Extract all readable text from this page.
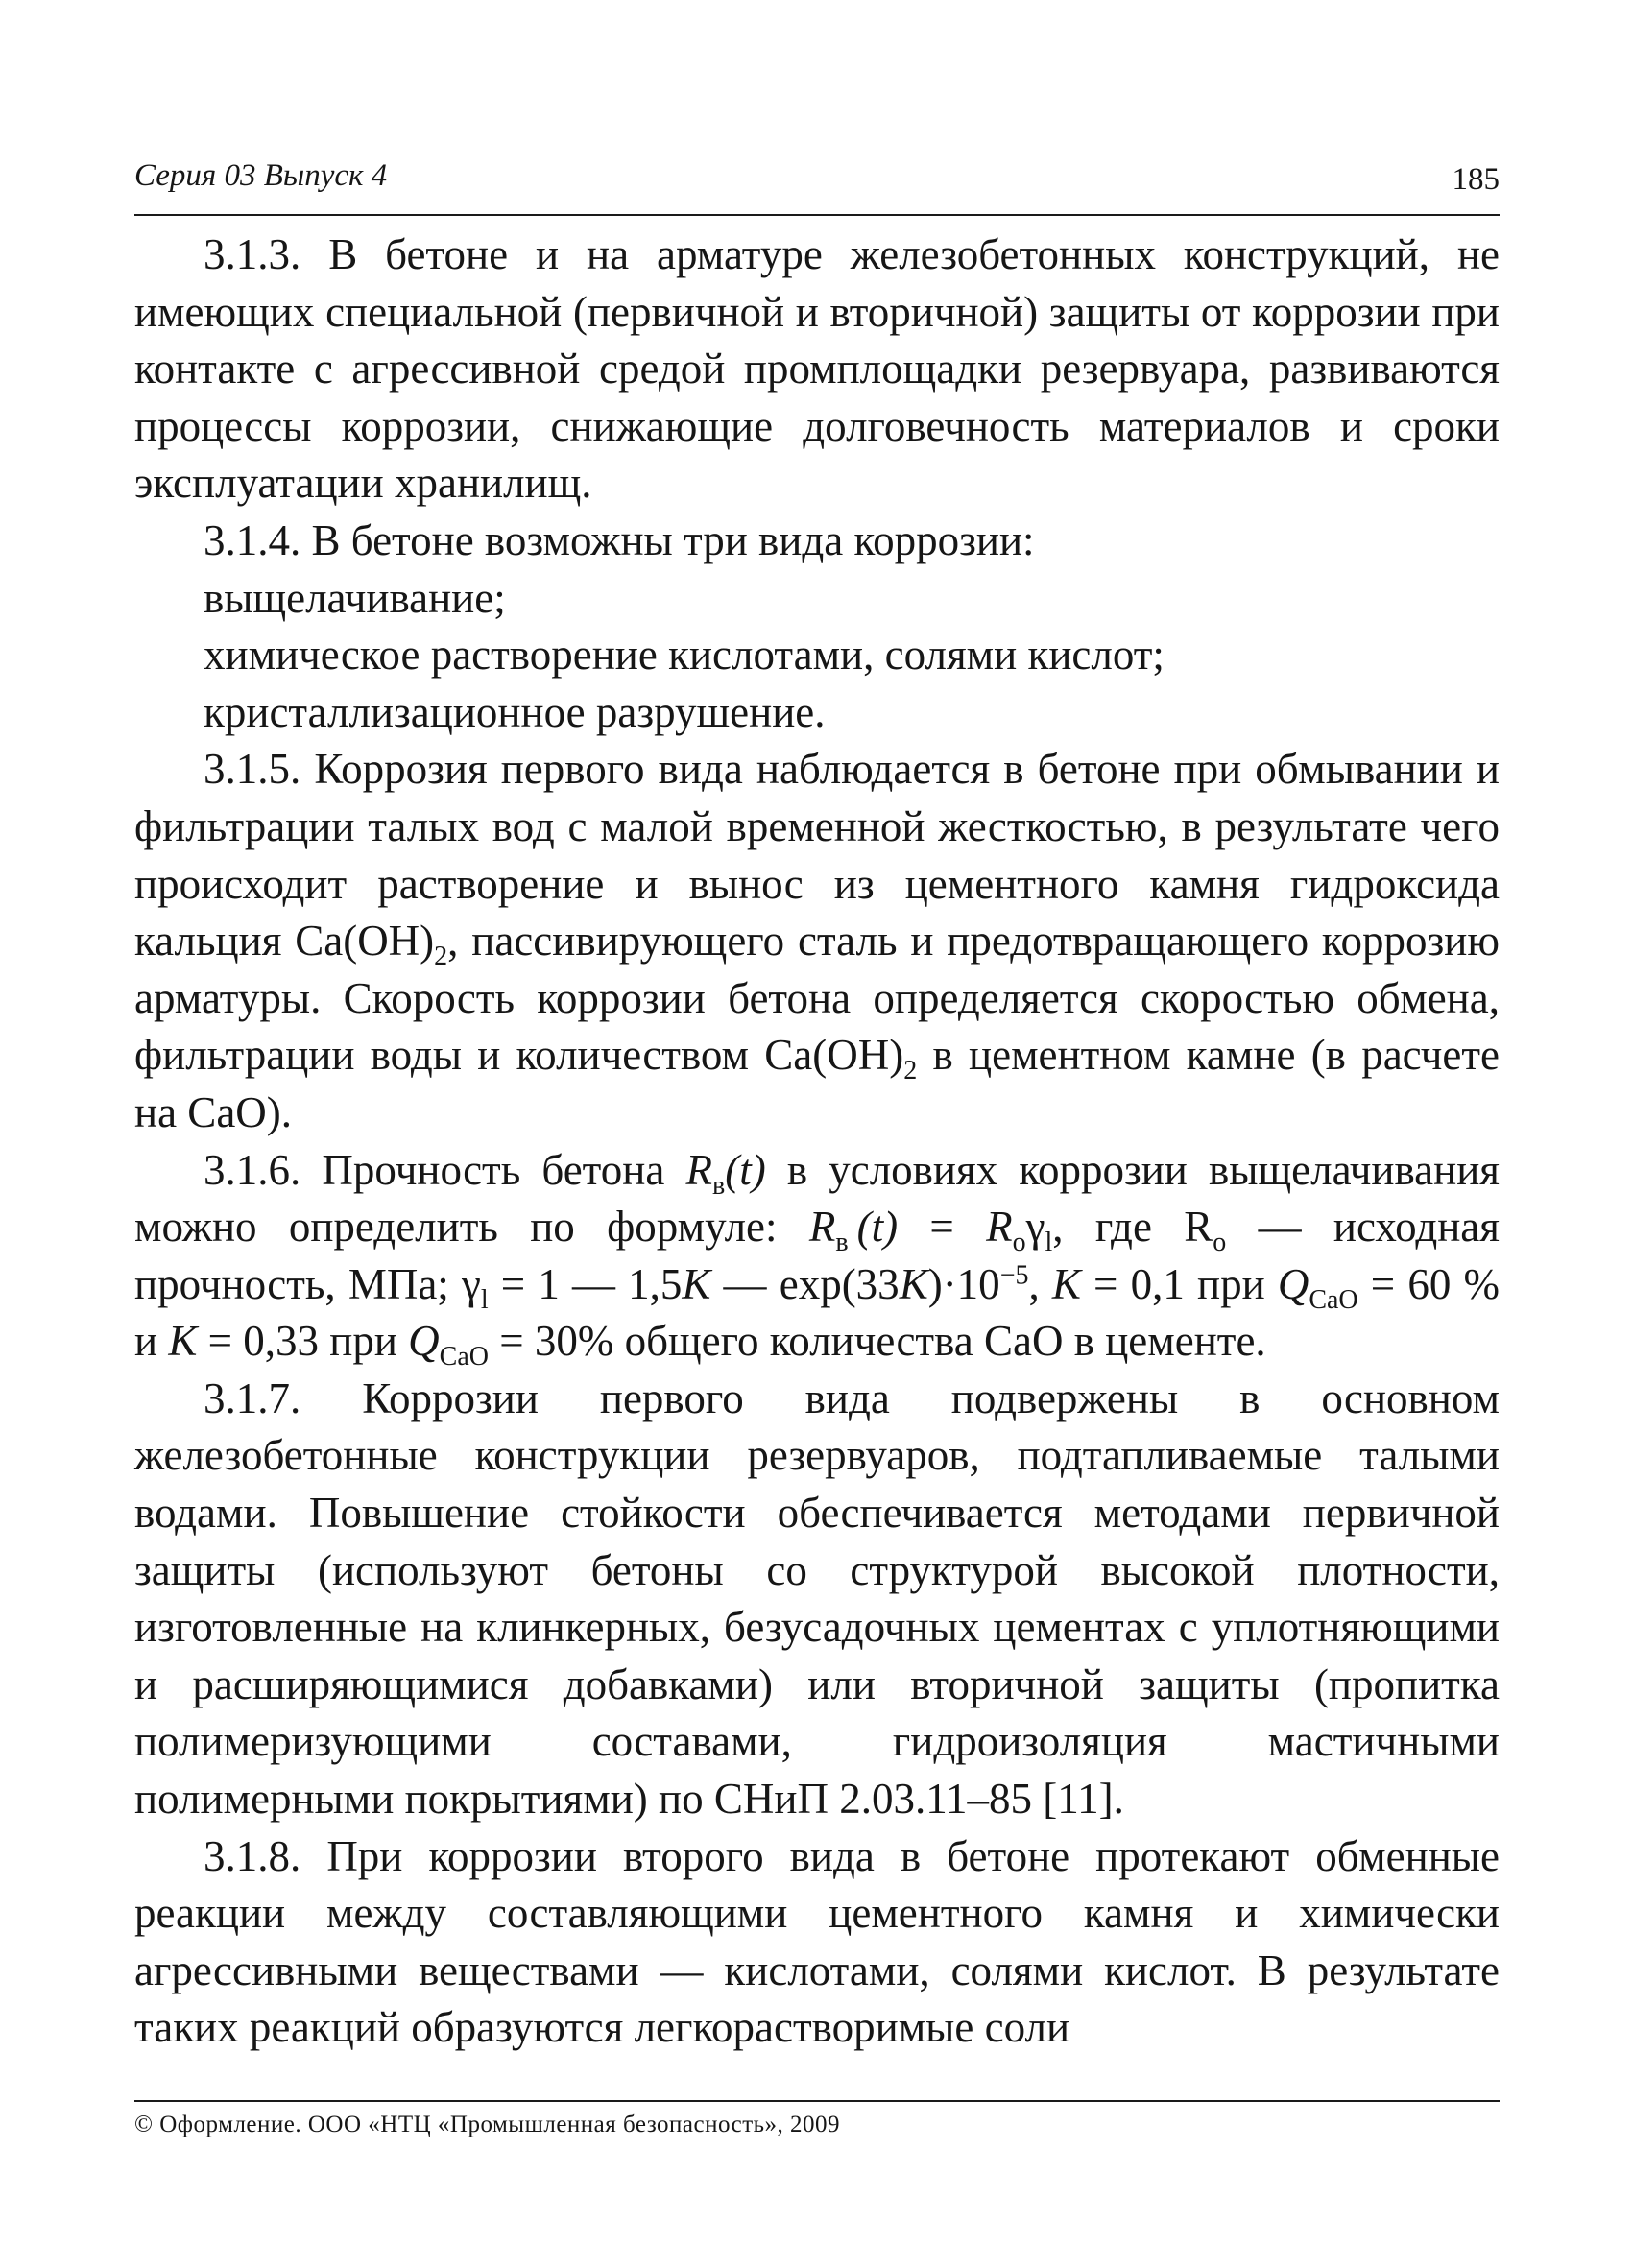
Серия 03 Выпуск 4	185

3.1.3. В бетоне и на арматуре железобетонных конструкций, не имеющих специальной (первичной и вторичной) защиты от коррозии при контакте с агрессивной средой промплощадки резервуара, развиваются процессы коррозии, снижающие долговечность материалов и сроки эксплуатации хранилищ.

3.1.4. В бетоне возможны три вида коррозии:

выщелачивание;

химическое растворение кислотами, солями кислот;

кристаллизационное разрушение.

3.1.5. Коррозия первого вида наблюдается в бетоне при обмывании и фильтрации талых вод с малой временной жесткостью, в результате чего происходит растворение и вынос из цементного камня гидроксида кальция $Ca(OH)_2$, пассивирующего сталь и предотвращающего коррозию арматуры. Скорость коррозии бетона определяется скоростью обмена, фильтрации воды и количеством $Ca(OH)_2$ в цементном камне (в расчете на CaO).

3.1.6. Прочность бетона $R_в(t)$ в условиях коррозии выщелачивания можно определить по формуле: $R_в$  $(t) = R_o\gamma_l$, где $R_o$ — исходная прочность, МПа; $\gamma_l = 1$ — 1,5K — $\exp(33K)\cdot 10^{-5}$, K = 0,1 при $Q_{CaO} = 60$ % и K = 0,33 при $Q_{CaO} = 30\%$ общего количества CaO в цементе.

3.1.7. Коррозии первого вида подвержены в основном железобетонные конструкции резервуаров, подтапливаемые талыми водами. Повышение стойкости обеспечивается методами первичной защиты (используют бетоны со структурой высокой плотности, изготовленные на клинкерных, безусадочных цементах с уплотняющими и расширяющимися добавками) или вторичной защиты (пропитка полимеризующими составами, гидроизоляция мастичными полимерными покрытиями) по СНиП 2.03.11–85 [11].

3.1.8. При коррозии второго вида в бетоне протекают обменные реакции между составляющими цементного камня и химически агрессивными веществами — кислотами, солями кислот. В результате таких реакций образуются легкорастворимые соли

© Оформление. ООО «НТЦ «Промышленная безопасность», 2009
